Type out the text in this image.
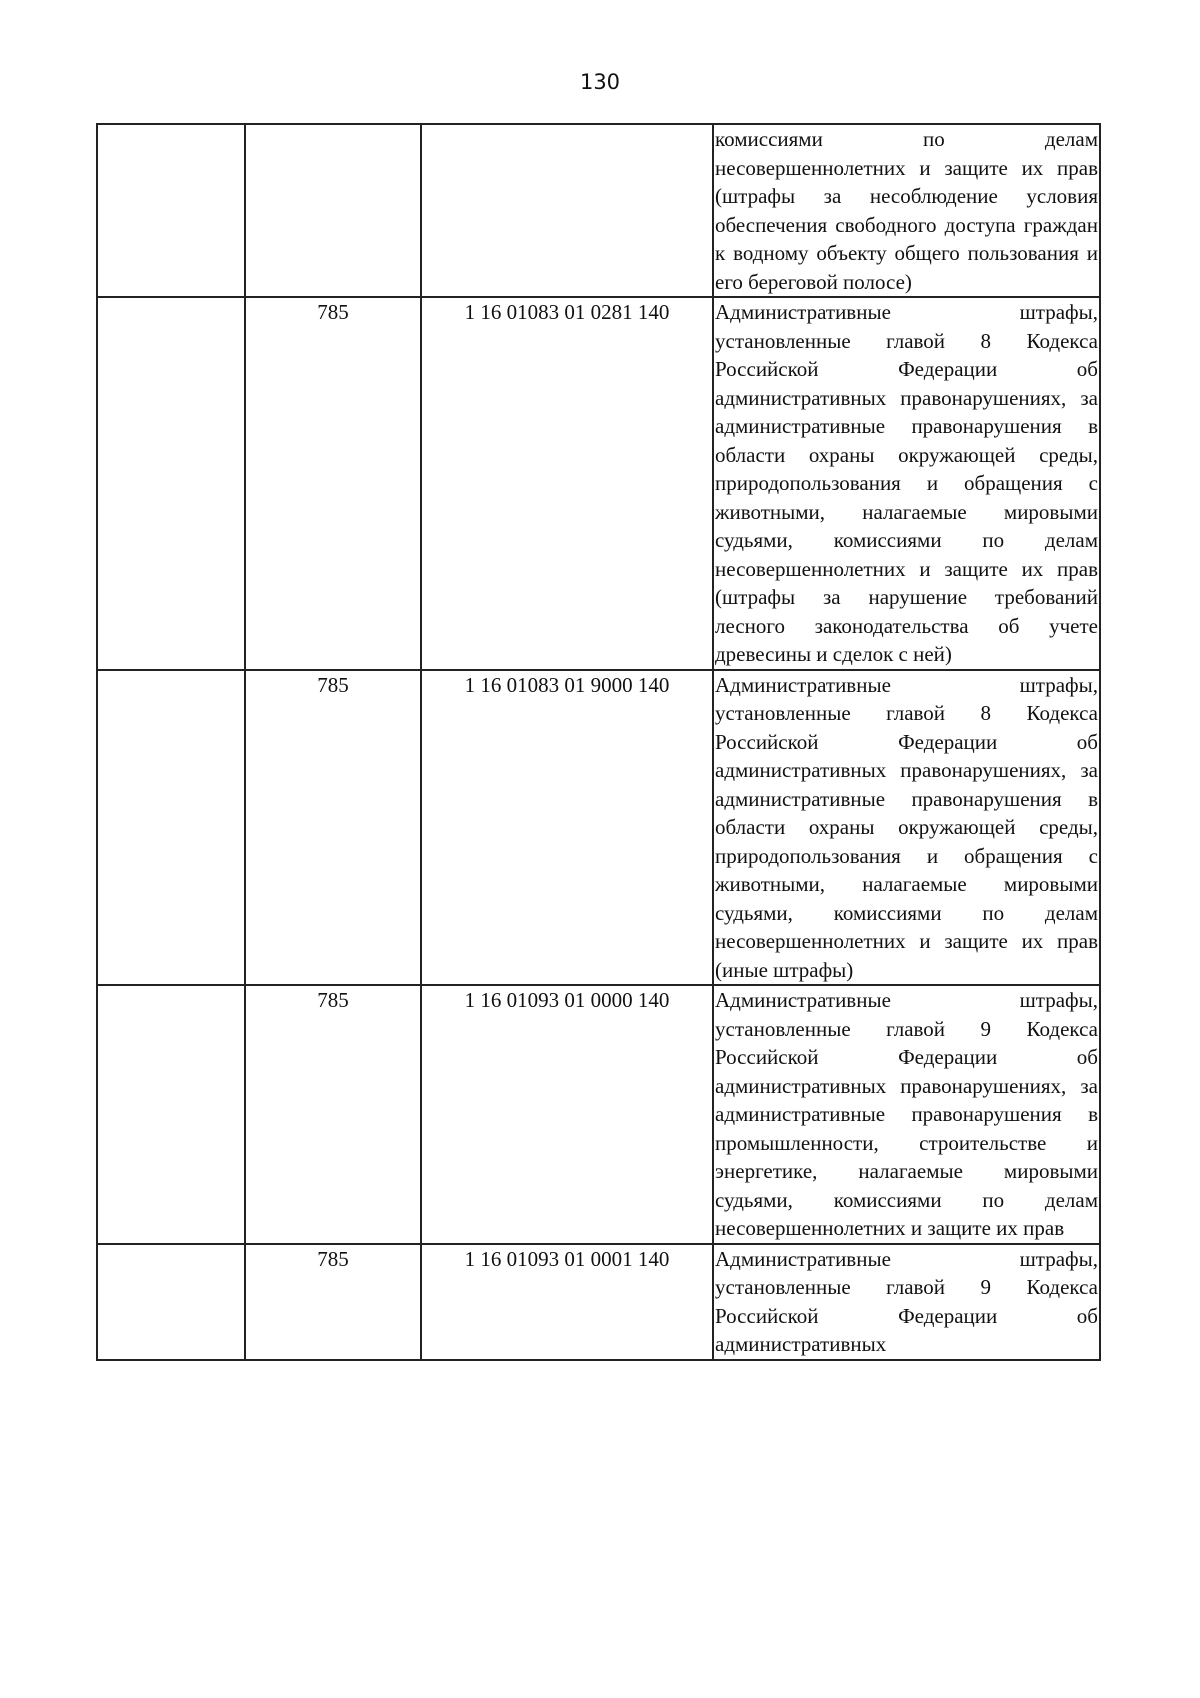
130

			комиссиями по делам несовершеннолетних и защите их прав (штрафы за несоблюдение условия обеспечения свободного доступа граждан к водному объекту общего пользования и его береговой полосе)

	785	1 16 01083 01 0281 140	Административные штрафы, установленные главой 8 Кодекса Российской Федерации об административных правонарушениях, за административные правонарушения в области охраны окружающей среды, природопользования и обращения с животными, налагаемые мировыми судьями, комиссиями по делам несовершеннолетних и защите их прав (штрафы за нарушение требований лесного законодательства об учете древесины и сделок с ней)

	785	1 16 01083 01 9000 140	Административные штрафы, установленные главой 8 Кодекса Российской Федерации об административных правонарушениях, за административные правонарушения в области охраны окружающей среды, природопользования и обращения с животными, налагаемые мировыми судьями, комиссиями по делам несовершеннолетних и защите их прав (иные штрафы)

	785	1 16 01093 01 0000 140	Административные штрафы, установленные главой 9 Кодекса Российской Федерации об административных правонарушениях, за административные правонарушения в промышленности, строительстве и энергетике, налагаемые мировыми судьями, комиссиями по делам несовершеннолетних и защите их прав

	785	1 16 01093 01 0001 140	Административные штрафы, установленные главой 9 Кодекса Российской Федерации об административных
